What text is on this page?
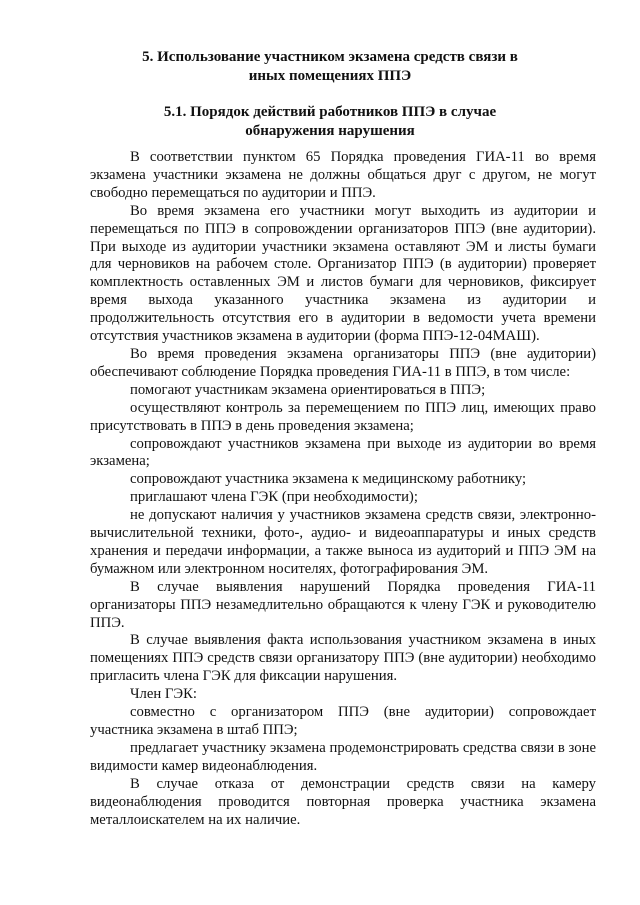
5. Использование участником экзамена средств связи в иных помещениях ППЭ
5.1. Порядок действий работников ППЭ в случае обнаружения нарушения

В соответствии пунктом 65 Порядка проведения ГИА-11 во время экзамена участники экзамена не должны общаться друг с другом, не могут свободно перемещаться по аудитории и ППЭ.

Во время экзамена его участники могут выходить из аудитории и перемещаться по ППЭ в сопровождении организаторов ППЭ (вне аудитории). При выходе из аудитории участники экзамена оставляют ЭМ и листы бумаги для черновиков на рабочем столе. Организатор ППЭ (в аудитории) проверяет комплектность оставленных ЭМ и листов бумаги для черновиков, фиксирует время выхода указанного участника экзамена из аудитории и продолжительность отсутствия его в аудитории в ведомости учета времени отсутствия участников экзамена в аудитории (форма ППЭ-12-04МАШ).

Во время проведения экзамена организаторы ППЭ (вне аудитории) обеспечивают соблюдение Порядка проведения ГИА-11 в ППЭ, в том числе:

помогают участникам экзамена ориентироваться в ППЭ;

осуществляют контроль за перемещением по ППЭ лиц, имеющих право присутствовать в ППЭ в день проведения экзамена;

сопровождают участников экзамена при выходе из аудитории во время экзамена;

сопровождают участника экзамена к медицинскому работнику;

приглашают члена ГЭК (при необходимости);

не допускают наличия у участников экзамена средств связи, электронно-вычислительной техники, фото-, аудио- и видеоаппаратуры и иных средств хранения и передачи информации, а также выноса из аудиторий и ППЭ ЭМ на бумажном или электронном носителях, фотографирования ЭМ.

В случае выявления нарушений Порядка проведения ГИА-11 организаторы ППЭ незамедлительно обращаются к члену ГЭК и руководителю ППЭ.

В случае выявления факта использования участником экзамена в иных помещениях ППЭ средств связи организатору ППЭ (вне аудитории) необходимо пригласить члена ГЭК для фиксации нарушения.

Член ГЭК:

совместно с организатором ППЭ (вне аудитории) сопровождает участника экзамена в штаб ППЭ;

предлагает участнику экзамена продемонстрировать средства связи в зоне видимости камер видеонаблюдения.

В случае отказа от демонстрации средств связи на камеру видеонаблюдения проводится повторная проверка участника экзамена металлоискателем на их наличие.
